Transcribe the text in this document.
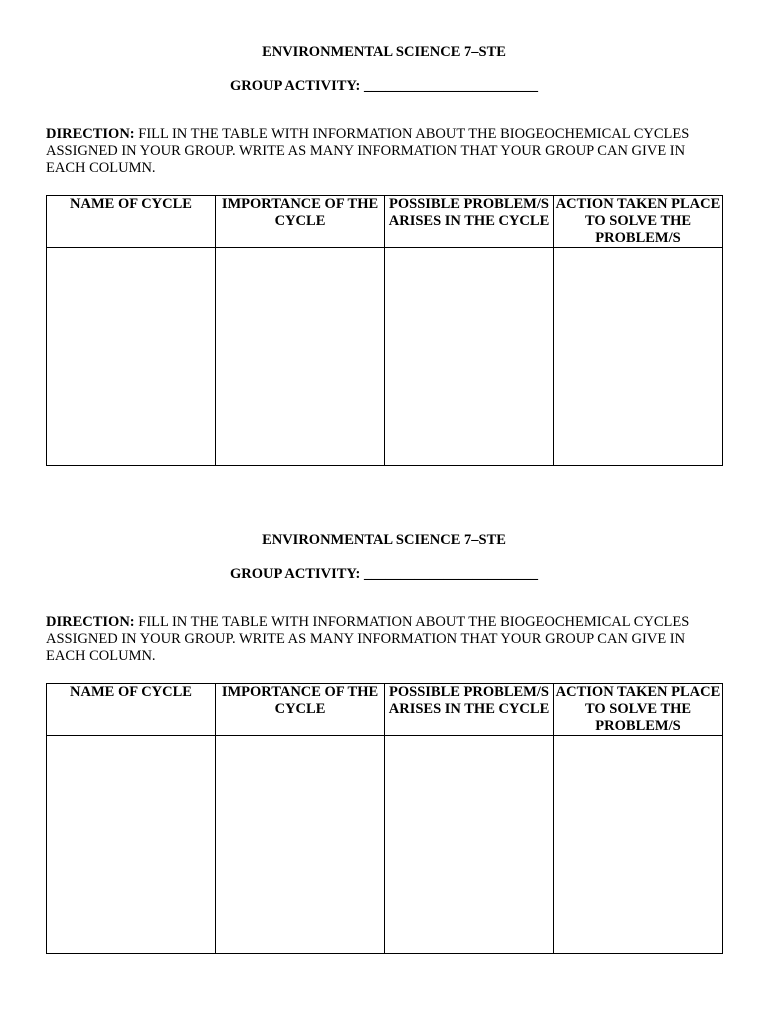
ENVIRONMENTAL SCIENCE 7–STE
GROUP ACTIVITY: ________________________
DIRECTION: FILL IN THE TABLE WITH INFORMATION ABOUT THE BIOGEOCHEMICAL CYCLES ASSIGNED IN YOUR GROUP. WRITE AS MANY INFORMATION THAT YOUR GROUP CAN GIVE IN EACH COLUMN.
NAME OF CYCLE	IMPORTANCE OF THE CYCLE	POSSIBLE PROBLEM/S ARISES IN THE CYCLE	ACTION TAKEN PLACE TO SOLVE THE PROBLEM/S

ENVIRONMENTAL SCIENCE 7–STE
GROUP ACTIVITY: ________________________
DIRECTION: FILL IN THE TABLE WITH INFORMATION ABOUT THE BIOGEOCHEMICAL CYCLES ASSIGNED IN YOUR GROUP. WRITE AS MANY INFORMATION THAT YOUR GROUP CAN GIVE IN EACH COLUMN.
NAME OF CYCLE	IMPORTANCE OF THE CYCLE	POSSIBLE PROBLEM/S ARISES IN THE CYCLE	ACTION TAKEN PLACE TO SOLVE THE PROBLEM/S
